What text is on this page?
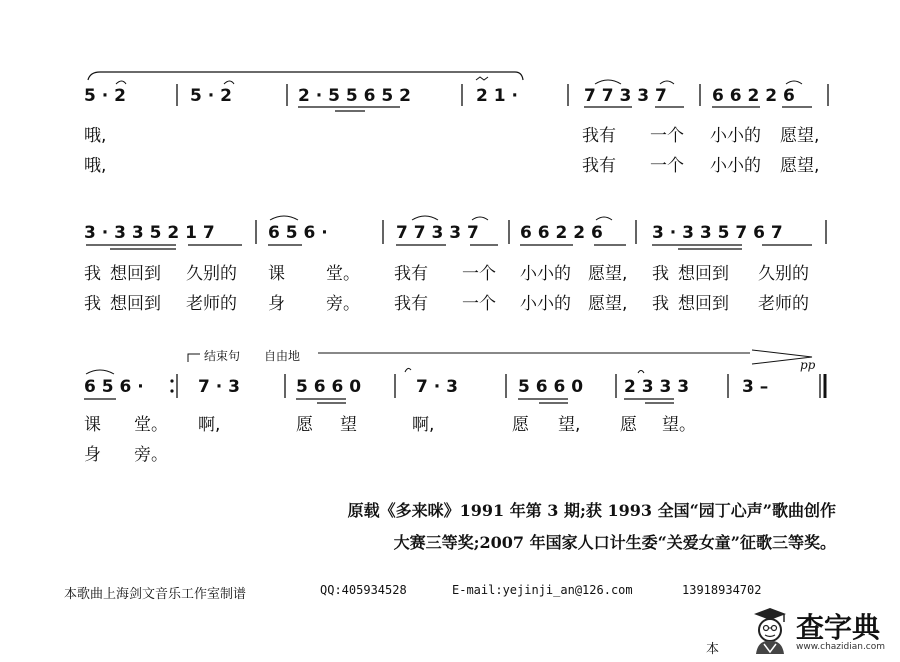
5 · 2	5 · 2	2 · 5 5 6 5 2	2 1 ·	7 7 3 3 7	6 6 2 2 6
哦,	我有 一个 小小的 愿望,
哦,	我有 一个 小小的 愿望,
3 · 3 3 5 2 1 7	6 5 6 ·	7 7 3 3 7 6 6 2 2 6	3 · 3 3 5 7 6 7
我 想回到 久别的 课 堂。 我有 一个 小小的 愿望, 我 想回到 久别的
我 想回到 老师的 身 旁。 我有 一个 小小的 愿望, 我 想回到 老师的
结束句 自由地
pp
6 5 6 ·	7 · 3	5 6 6 0	7 · 3	5 6 6 0 2 3 3 3	3 –
课 堂。 啊,	愿 望	啊,	愿 望, 愿 望。
身 旁。
原载《多来咪》1991 年第 3 期;获 1993 全国“园丁心声”歌曲创作
大赛三等奖;2007 年国家人口计生委“关爱女童”征歌三等奖。
本歌曲上海剑文音乐工作室制谱	QQ:405934528	E-mail:yejinji_an@126.com	13918934702
本
查字典
www.chazidian.com
